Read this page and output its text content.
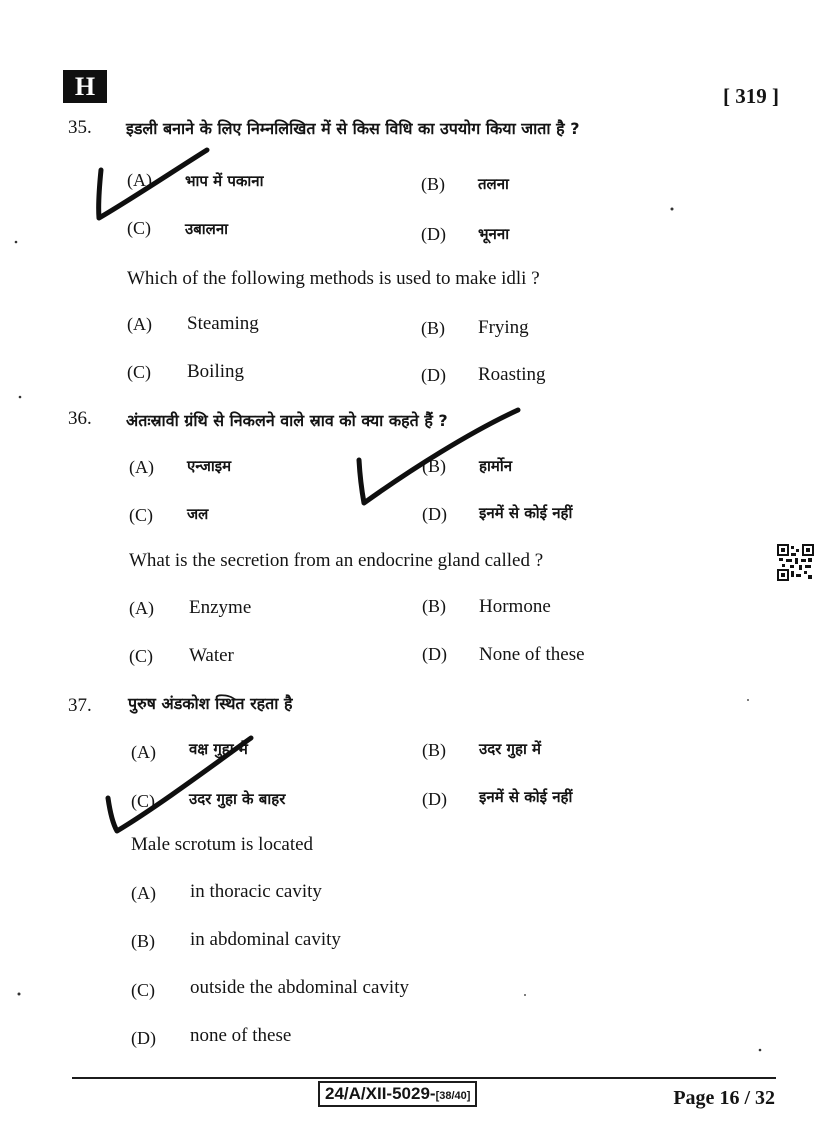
H	[ 319 ]
35. इडली बनाने के लिए निम्नलिखित में से किस विधि का उपयोग किया जाता है ?
(A) भाप में पकाना	(B) तलना
(C) उबालना	(D) भूनना
Which of the following methods is used to make idli ?
(A) Steaming	(B) Frying
(C) Boiling	(D) Roasting
36. अंतःस्रावी ग्रंथि से निकलने वाले स्राव को क्या कहते हैं ?
(A) एन्जाइम	(B) हार्मोन
(C) जल	(D) इनमें से कोई नहीं
What is the secretion from an endocrine gland called ?
(A) Enzyme	(B) Hormone
(C) Water	(D) None of these
37. पुरुष अंडकोश स्थित रहता है
(A) वक्ष गुहा में	(B) उदर गुहा में
(C) उदर गुहा के बाहर	(D) इनमें से कोई नहीं
Male scrotum is located
(A) in thoracic cavity
(B) in abdominal cavity
(C) outside the abdominal cavity
(D) none of these
24/A/XII-5029-[38/40]	Page 16 / 32
